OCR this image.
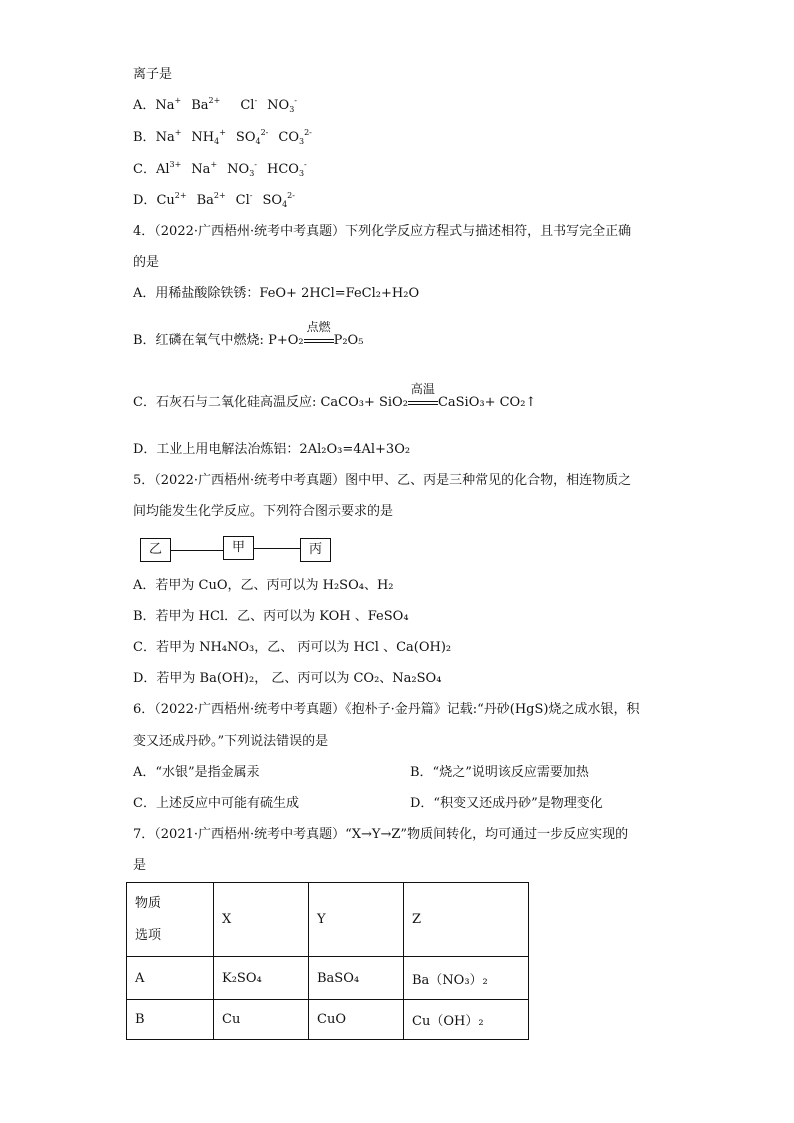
离子是
A．Na+ $Ba^{2+}$ Cl- $NO_3^-$
B．Na+ $NH_4^+$ $SO_4^{2-}$ $CO_3^{2-}$
C．$Al^{3+}$ Na+ $NO_3^-$ $HCO_3^-$
D．$Cu^{2+}$ $Ba^{2+}$ Cl- $SO_4^{2-}$
4．（2022·广西梧州·统考中考真题）下列化学反应方程式与描述相符，且书写完全正确
的是
A．用稀盐酸除铁锈：FeO+ 2HCl=FeCl₂+H₂O
B．红磷在氧气中燃烧: P+O₂
点燃
P₂O₅
C．石灰石与二氧化硅高温反应: CaCO₃+ SiO₂
高温
CaSiO₃+ CO₂↑
D．工业上用电解法冶炼铝：2Al₂O₃=4Al+3O₂
5．（2022·广西梧州·统考中考真题）图中甲、乙、丙是三种常见的化合物，相连物质之
间均能发生化学反应。下列符合图示要求的是
乙	甲	丙
A．若甲为 CuO，乙、丙可以为 H₂SO₄、H₂
B．若甲为 HCl．乙、丙可以为 KOH 、FeSO₄
C．若甲为 NH₄NO₃，乙、 丙可以为 HCl 、Ca(OH)₂
D．若甲为 Ba(OH)₂， 乙、丙可以为 CO₂、Na₂SO₄
6．（2022·广西梧州·统考中考真题）《抱朴子·金丹篇》记载:“丹砂(HgS)烧之成水银，积
变又还成丹砂。”下列说法错误的是
A．“水银”是指金属汞	B．“烧之”说明该反应需要加热
C．上述反应中可能有硫生成	D．“积变又还成丹砂”是物理变化
7．（2021·广西梧州·统考中考真题）“X→Y→Z”物质间转化，均可通过一步反应实现的
是
物质
选项	X	Y	Z
A	K₂SO₄	BaSO₄	Ba（NO₃）₂
B	Cu	CuO	Cu（OH）₂
